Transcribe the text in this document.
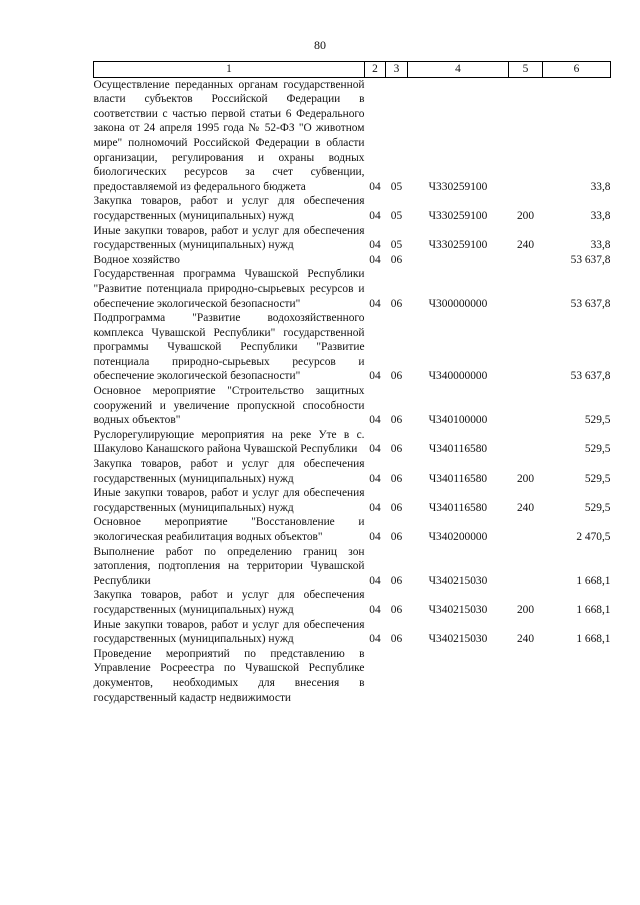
80
1	2	3	4	5	6
Осуществление переданных органам государственной власти субъектов Российской Федерации в соответствии с частью первой статьи 6 Федерального закона от 24 апреля 1995 года № 52-ФЗ "О животном мире" полномочий Российской Федерации в области организации, регулирования и охраны водных биологических ресурсов за счет субвенции, предоставляемой из федерального бюджета	04	05	Ч330259100		33,8
Закупка товаров, работ и услуг для обеспечения государственных (муниципальных) нужд	04	05	Ч330259100	200	33,8
Иные закупки товаров, работ и услуг для обеспечения государственных (муниципальных) нужд	04	05	Ч330259100	240	33,8
Водное хозяйство	04	06			53 637,8
Государственная программа Чувашской Республики "Развитие потенциала природно-сырьевых ресурсов и обеспечение экологической безопасности"	04	06	Ч300000000		53 637,8
Подпрограмма "Развитие водохозяйственного комплекса Чувашской Республики" государственной программы Чувашской Республики "Развитие потенциала природно-сырьевых ресурсов и обеспечение экологической безопасности"	04	06	Ч340000000		53 637,8
Основное мероприятие "Строительство защитных сооружений и увеличение пропускной способности водных объектов"	04	06	Ч340100000		529,5
Руслорегулирующие мероприятия на реке Уте в с. Шакулово Канашского района Чувашской Республики	04	06	Ч340116580		529,5
Закупка товаров, работ и услуг для обеспечения государственных (муниципальных) нужд	04	06	Ч340116580	200	529,5
Иные закупки товаров, работ и услуг для обеспечения государственных (муниципальных) нужд	04	06	Ч340116580	240	529,5
Основное мероприятие "Восстановление и экологическая реабилитация водных объектов"	04	06	Ч340200000		2 470,5
Выполнение работ по определению границ зон затопления, подтопления на территории Чувашской Республики	04	06	Ч340215030		1 668,1
Закупка товаров, работ и услуг для обеспечения государственных (муниципальных) нужд	04	06	Ч340215030	200	1 668,1
Иные закупки товаров, работ и услуг для обеспечения государственных (муниципальных) нужд	04	06	Ч340215030	240	1 668,1
Проведение мероприятий по представлению в Управление Росреестра по Чувашской Республике документов, необходимых для внесения в государственный кадастр недвижимости					
